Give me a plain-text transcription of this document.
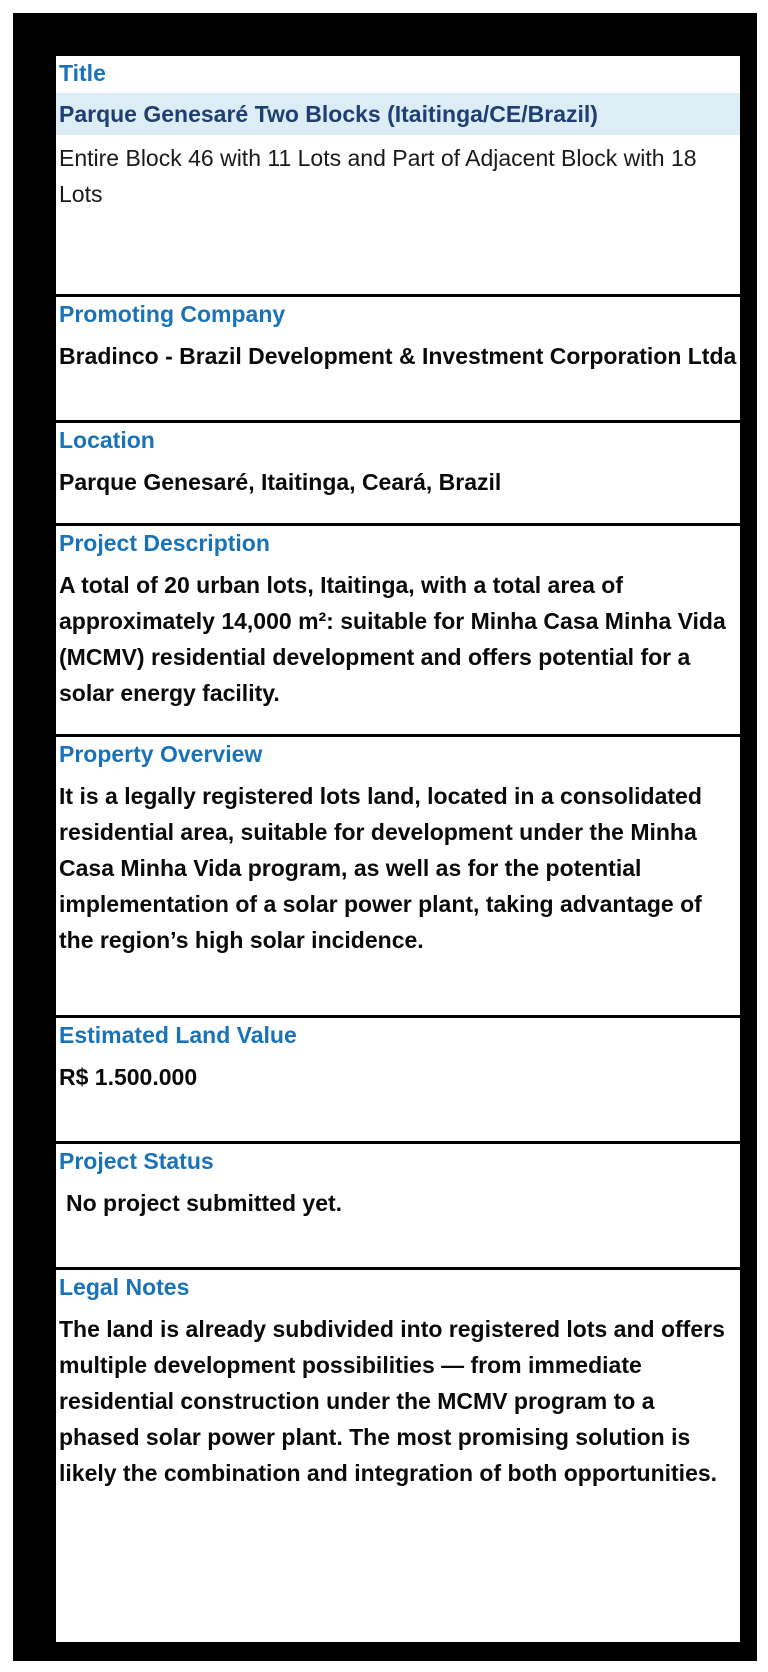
Title
Parque Genesaré Two Blocks (Itaitinga/CE/Brazil)
Entire Block 46 with 11 Lots and Part of Adjacent Block with 18 Lots
Promoting Company
Bradinco - Brazil Development & Investment Corporation Ltda
Location
Parque Genesaré, Itaitinga, Ceará, Brazil
Project Description
A total of 20 urban lots, Itaitinga, with a total area of approximately 14,000 m²: suitable for Minha Casa Minha Vida (MCMV) residential development and offers potential for a solar energy facility.
Property Overview
It is a legally registered lots land, located in a consolidated residential area, suitable for development under the Minha Casa Minha Vida program, as well as for the potential implementation of a solar power plant, taking advantage of the region’s high solar incidence.
Estimated Land Value
R$ 1.500.000
Project Status
No project submitted yet.
Legal Notes
The land is already subdivided into registered lots and offers multiple development possibilities — from immediate residential construction under the MCMV program to a phased solar power plant. The most promising solution is likely the combination and integration of both opportunities.
